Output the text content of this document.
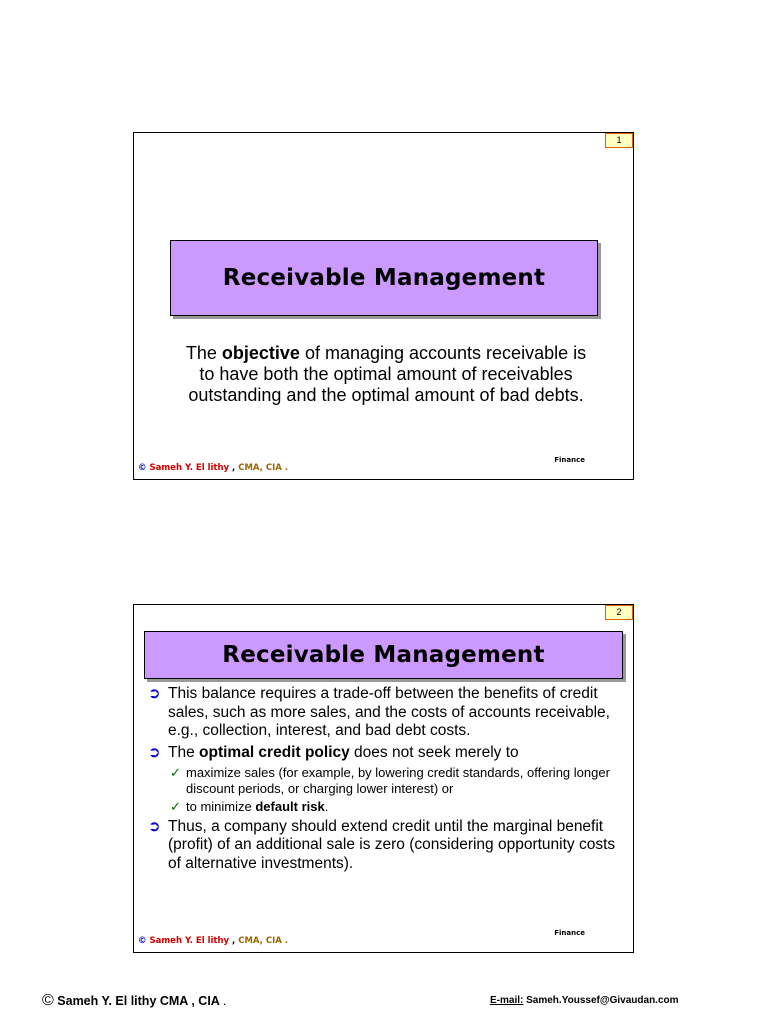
1
Receivable Management
The objective of managing accounts receivable is to have both the optimal amount of receivables outstanding and the optimal amount of bad debts.
© Sameh Y. El lithy , CMA, CIA .
Finance
2
Receivable Management
➲ This balance requires a trade-off between the benefits of credit sales, such as more sales, and the costs of accounts receivable, e.g., collection, interest, and bad debt costs.
➲ The optimal credit policy does not seek merely to
✓ maximize sales (for example, by lowering credit standards, offering longer discount periods, or charging lower interest) or
✓ to minimize default risk.
➲ Thus, a company should extend credit until the marginal benefit (profit) of an additional sale is zero (considering opportunity costs of alternative investments).
© Sameh Y. El lithy , CMA, CIA .
Finance
© Sameh Y. El lithy CMA , CIA .	E-mail: Sameh.Youssef@Givaudan.com
